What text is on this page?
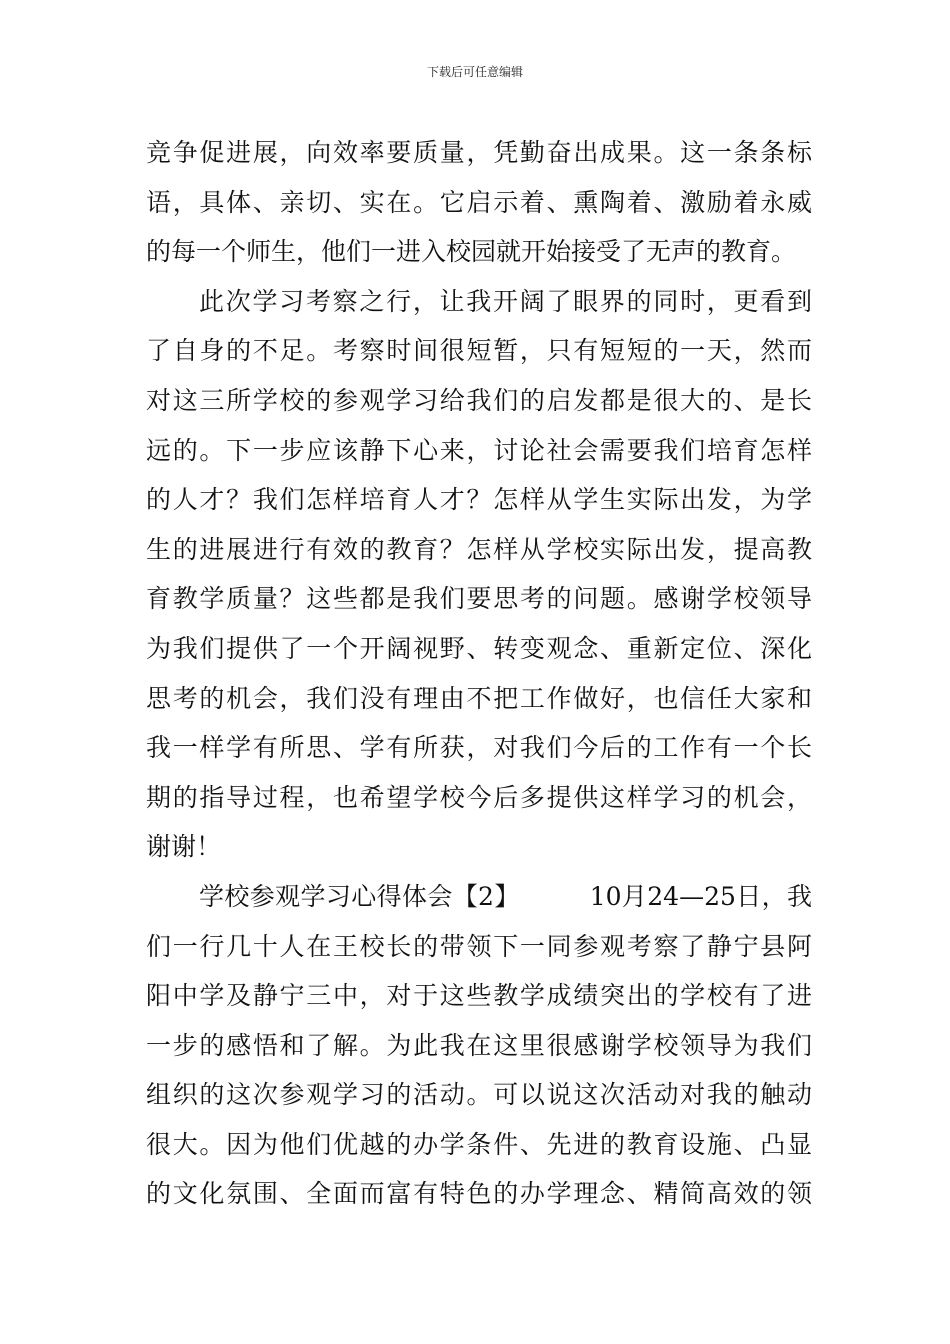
下载后可任意编辑
竞争促进展，向效率要质量，凭勤奋出成果。这一条条标
语，具体、亲切、实在。它启示着、熏陶着、激励着永威
的每一个师生，他们一进入校园就开始接受了无声的教育。
此次学习考察之行，让我开阔了眼界的同时，更看到
了自身的不足。考察时间很短暂，只有短短的一天，然而
对这三所学校的参观学习给我们的启发都是很大的、是长
远的。下一步应该静下心来，讨论社会需要我们培育怎样
的人才？我们怎样培育人才？怎样从学生实际出发，为学
生的进展进行有效的教育？怎样从学校实际出发，提高教
育教学质量？这些都是我们要思考的问题。感谢学校领导
为我们提供了一个开阔视野、转变观念、重新定位、深化
思考的机会，我们没有理由不把工作做好，也信任大家和
我一样学有所思、学有所获，对我们今后的工作有一个长
期的指导过程，也希望学校今后多提供这样学习的机会，
谢谢！
学校参观学习心得体会【2】	10月24—25日，我
们一行几十人在王校长的带领下一同参观考察了静宁县阿
阳中学及静宁三中，对于这些教学成绩突出的学校有了进
一步的感悟和了解。为此我在这里很感谢学校领导为我们
组织的这次参观学习的活动。可以说这次活动对我的触动
很大。因为他们优越的办学条件、先进的教育设施、凸显
的文化氛围、全面而富有特色的办学理念、精简高效的领
